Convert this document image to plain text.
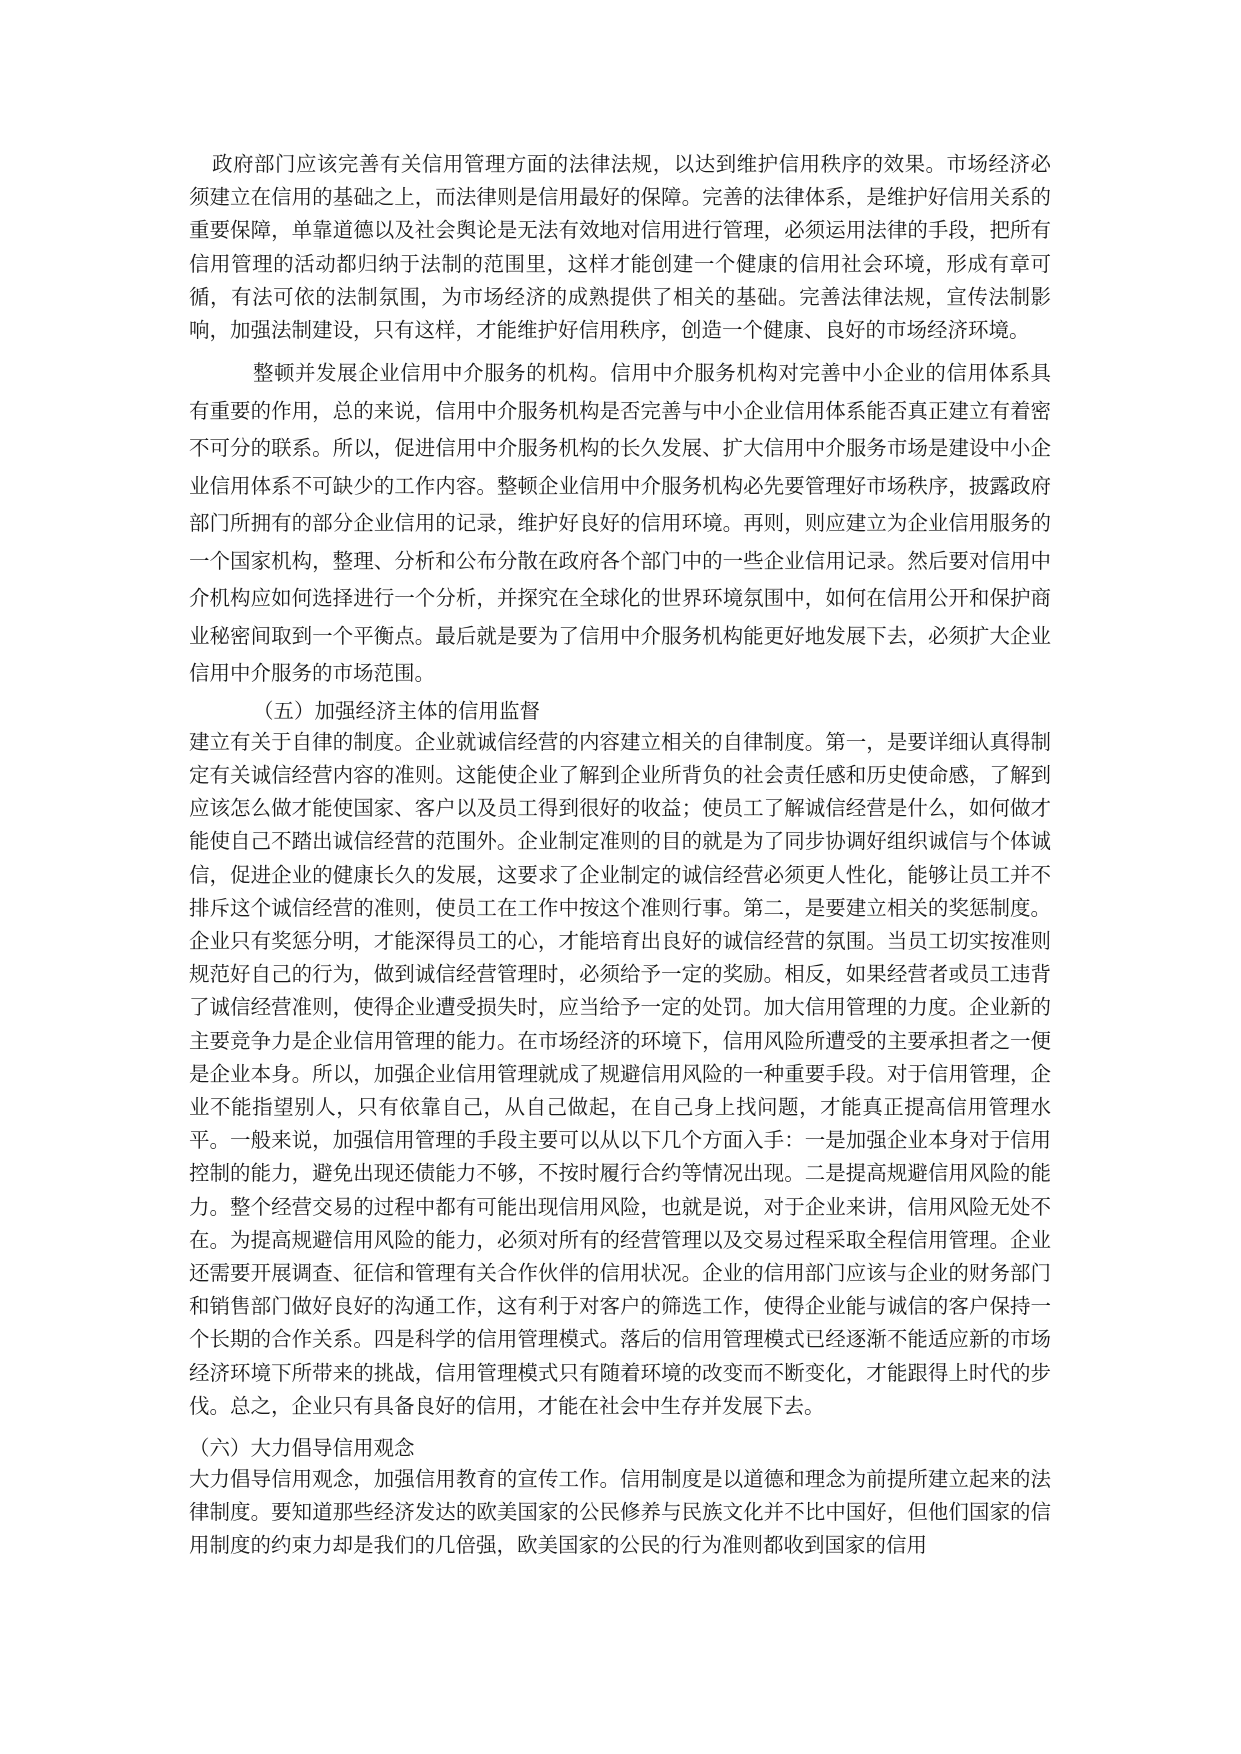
政府部门应该完善有关信用管理方面的法律法规，以达到维护信用秩序的效果。市场经济必须建立在信用的基础之上，而法律则是信用最好的保障。完善的法律体系，是维护好信用关系的重要保障，单靠道德以及社会舆论是无法有效地对信用进行管理，必须运用法律的手段，把所有信用管理的活动都归纳于法制的范围里，这样才能创建一个健康的信用社会环境，形成有章可循，有法可依的法制氛围，为市场经济的成熟提供了相关的基础。完善法律法规，宣传法制影响，加强法制建设，只有这样，才能维护好信用秩序，创造一个健康、良好的市场经济环境。

整顿并发展企业信用中介服务的机构。信用中介服务机构对完善中小企业的信用体系具有重要的作用，总的来说，信用中介服务机构是否完善与中小企业信用体系能否真正建立有着密不可分的联系。所以，促进信用中介服务机构的长久发展、扩大信用中介服务市场是建设中小企业信用体系不可缺少的工作内容。整顿企业信用中介服务机构必先要管理好市场秩序，披露政府部门所拥有的部分企业信用的记录，维护好良好的信用环境。再则，则应建立为企业信用服务的一个国家机构，整理、分析和公布分散在政府各个部门中的一些企业信用记录。然后要对信用中介机构应如何选择进行一个分析，并探究在全球化的世界环境氛围中，如何在信用公开和保护商业秘密间取到一个平衡点。最后就是要为了信用中介服务机构能更好地发展下去，必须扩大企业信用中介服务的市场范围。

（五）加强经济主体的信用监督

建立有关于自律的制度。企业就诚信经营的内容建立相关的自律制度。第一，是要详细认真得制定有关诚信经营内容的准则。这能使企业了解到企业所背负的社会责任感和历史使命感，了解到应该怎么做才能使国家、客户以及员工得到很好的收益；使员工了解诚信经营是什么，如何做才能使自己不踏出诚信经营的范围外。企业制定准则的目的就是为了同步协调好组织诚信与个体诚信，促进企业的健康长久的发展，这要求了企业制定的诚信经营必须更人性化，能够让员工并不排斥这个诚信经营的准则，使员工在工作中按这个准则行事。第二，是要建立相关的奖惩制度。企业只有奖惩分明，才能深得员工的心，才能培育出良好的诚信经营的氛围。当员工切实按准则规范好自己的行为，做到诚信经营管理时，必须给予一定的奖励。相反，如果经营者或员工违背了诚信经营准则，使得企业遭受损失时，应当给予一定的处罚。加大信用管理的力度。企业新的主要竞争力是企业信用管理的能力。在市场经济的环境下，信用风险所遭受的主要承担者之一便是企业本身。所以，加强企业信用管理就成了规避信用风险的一种重要手段。对于信用管理，企业不能指望别人，只有依靠自己，从自己做起，在自己身上找问题，才能真正提高信用管理水平。一般来说，加强信用管理的手段主要可以从以下几个方面入手：一是加强企业本身对于信用控制的能力，避免出现还债能力不够，不按时履行合约等情况出现。二是提高规避信用风险的能力。整个经营交易的过程中都有可能出现信用风险，也就是说，对于企业来讲，信用风险无处不在。为提高规避信用风险的能力，必须对所有的经营管理以及交易过程采取全程信用管理。企业还需要开展调查、征信和管理有关合作伙伴的信用状况。企业的信用部门应该与企业的财务部门和销售部门做好良好的沟通工作，这有利于对客户的筛选工作，使得企业能与诚信的客户保持一个长期的合作关系。四是科学的信用管理模式。落后的信用管理模式已经逐渐不能适应新的市场经济环境下所带来的挑战，信用管理模式只有随着环境的改变而不断变化，才能跟得上时代的步伐。总之，企业只有具备良好的信用，才能在社会中生存并发展下去。

（六）大力倡导信用观念

大力倡导信用观念，加强信用教育的宣传工作。信用制度是以道德和理念为前提所建立起来的法律制度。要知道那些经济发达的欧美国家的公民修养与民族文化并不比中国好，但他们国家的信用制度的约束力却是我们的几倍强，欧美国家的公民的行为准则都收到国家的信用
